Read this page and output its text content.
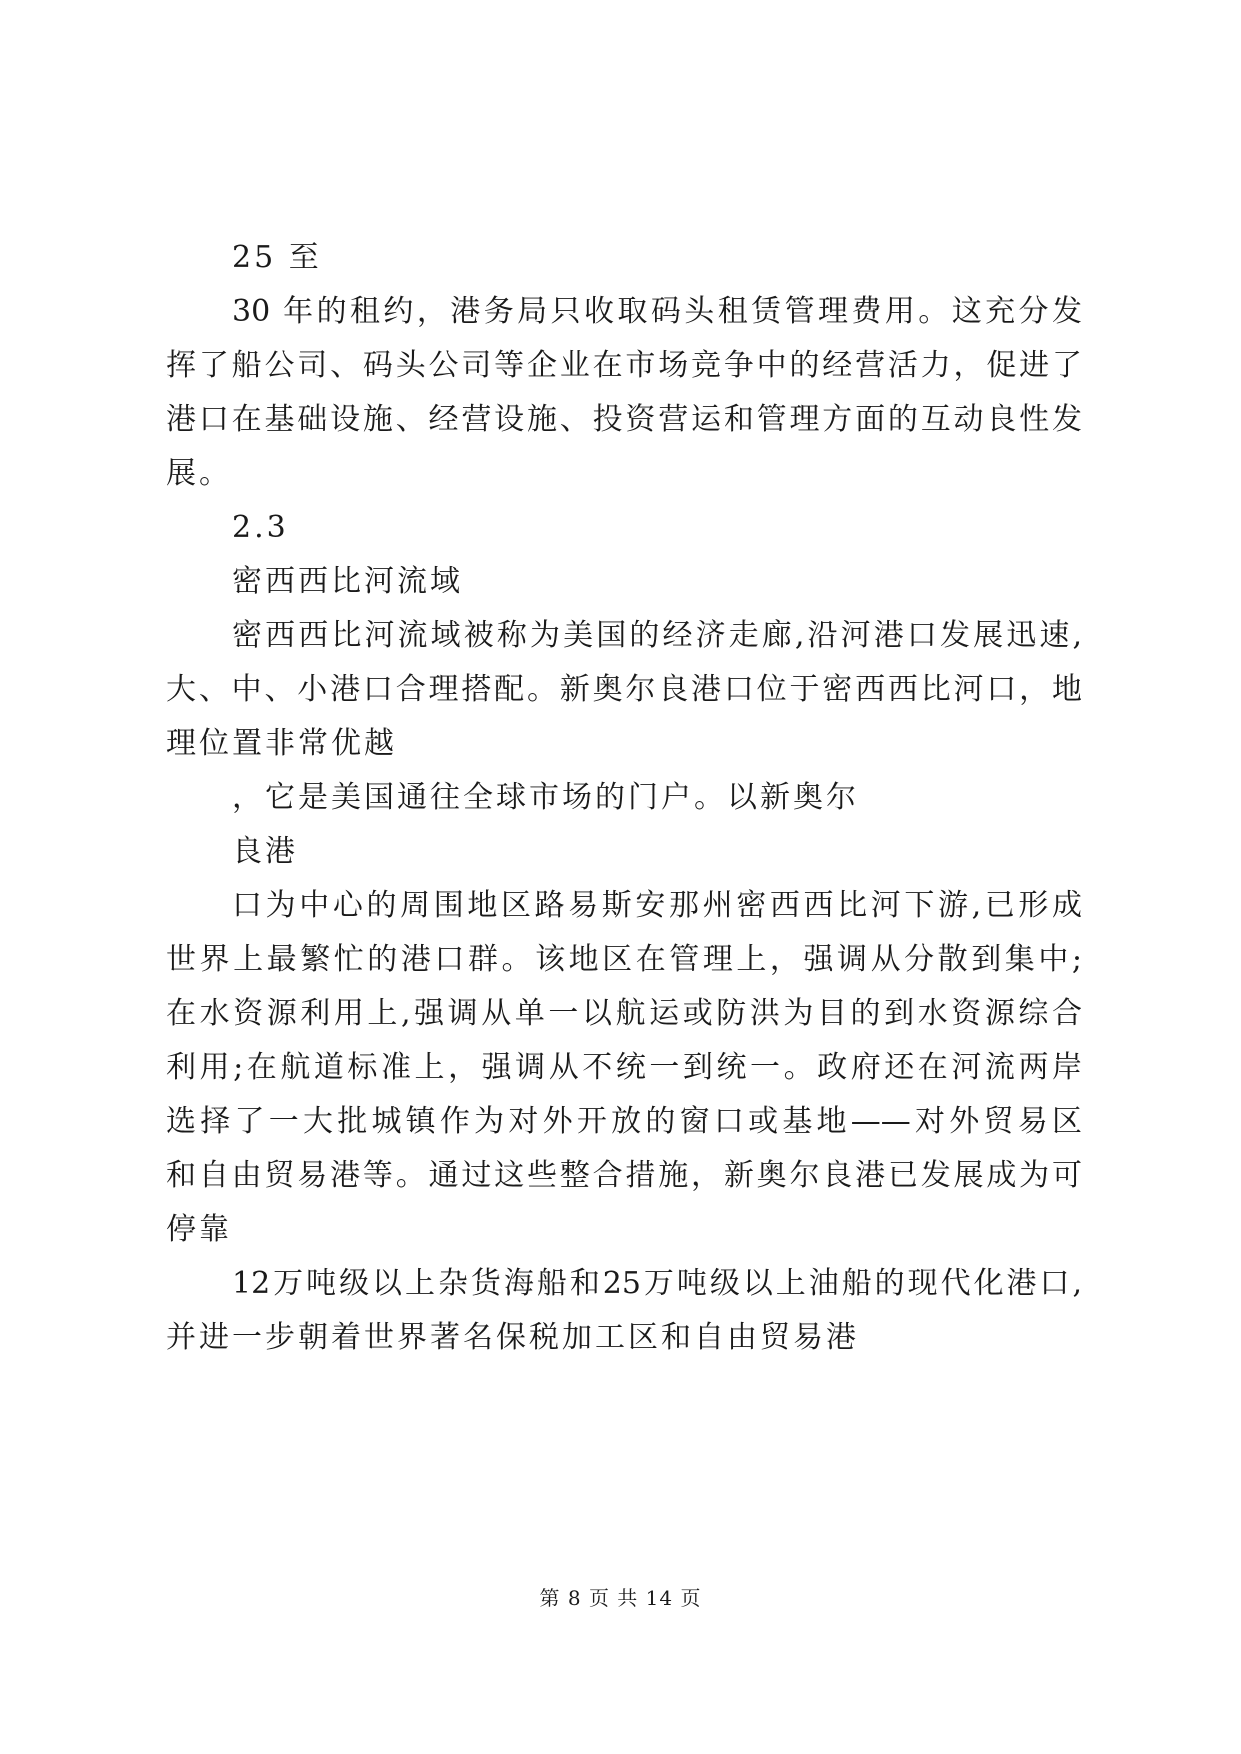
25 至
30 年的租约，港务局只收取码头租赁管理费用。这充分发
挥了船公司、码头公司等企业在市场竞争中的经营活力，促进了
港口在基础设施、经营设施、投资营运和管理方面的互动良性发
展。
2.3
密西西比河流域
密西西比河流域被称为美国的经济走廊,沿河港口发展迅速,
大、中、小港口合理搭配。新奥尔良港口位于密西西比河口，地
理位置非常优越
，它是美国通往全球市场的门户。以新奥尔
良港
口为中心的周围地区路易斯安那州密西西比河下游,已形成
世界上最繁忙的港口群。该地区在管理上，强调从分散到集中;
在水资源利用上,强调从单一以航运或防洪为目的到水资源综合
利用;在航道标准上，强调从不统一到统一。政府还在河流两岸
选择了一大批城镇作为对外开放的窗口或基地——对外贸易区
和自由贸易港等。通过这些整合措施，新奥尔良港已发展成为可
停靠
12万吨级以上杂货海船和25万吨级以上油船的现代化港口,
并进一步朝着世界著名保税加工区和自由贸易港
第 8 页 共 14 页
